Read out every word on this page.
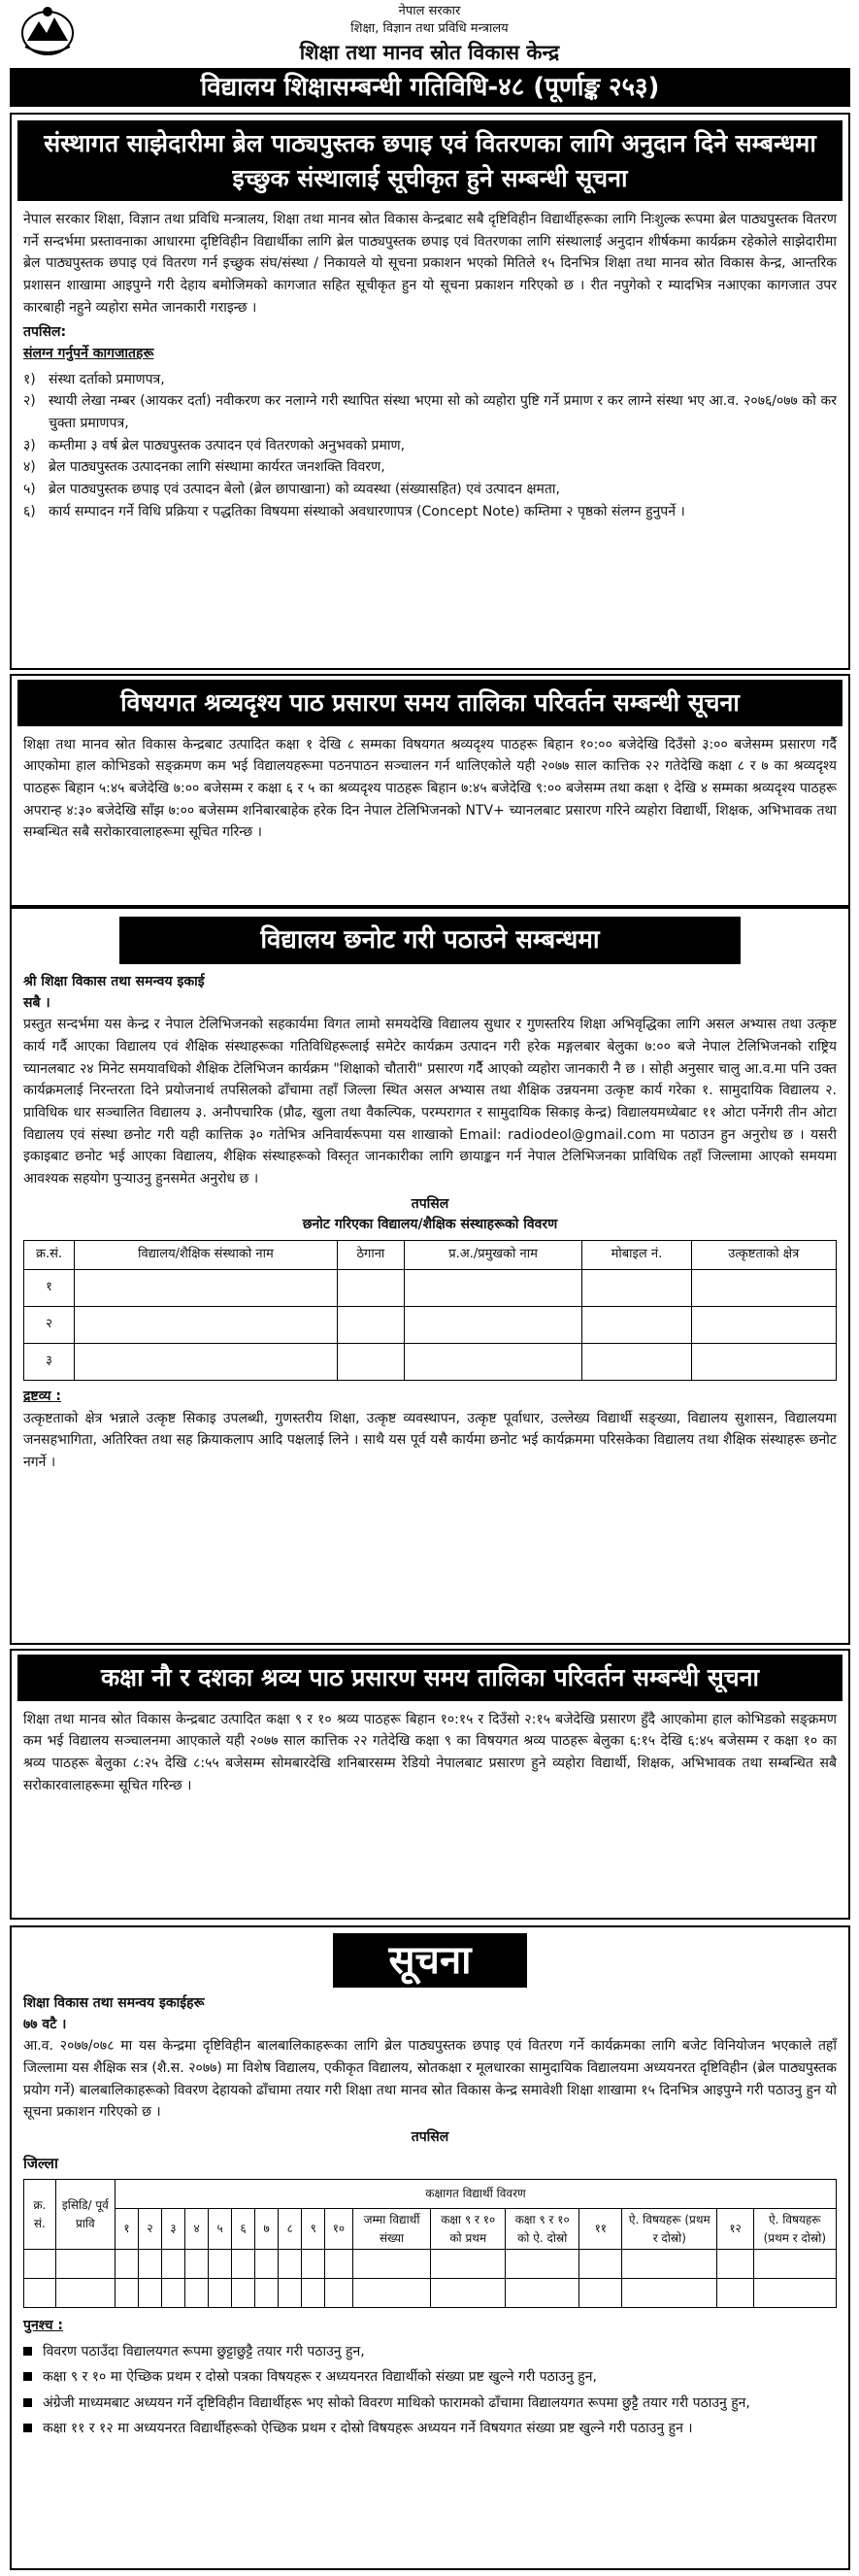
नेपाल सरकार
शिक्षा, विज्ञान तथा प्रविधि मन्त्रालय
शिक्षा तथा मानव स्रोत विकास केन्द्र
विद्यालय शिक्षासम्बन्धी गतिविधि-४८ (पूर्णाङ्क २५३)
संस्थागत साझेदारीमा ब्रेल पाठ्यपुस्तक छपाइ एवं वितरणका लागि अनुदान दिने सम्बन्धमा इच्छुक संस्थालाई सूचीकृत हुने सम्बन्धी सूचना

नेपाल सरकार शिक्षा, विज्ञान तथा प्रविधि मन्त्रालय, शिक्षा तथा मानव स्रोत विकास केन्द्रबाट सबै दृष्टिविहीन विद्यार्थीहरूका लागि निःशुल्क रूपमा ब्रेल पाठ्यपुस्तक वितरण गर्ने सन्दर्भमा प्रस्तावनाका आधारमा दृष्टिविहीन विद्यार्थीका लागि ब्रेल पाठ्यपुस्तक छपाइ एवं वितरणका लागि संस्थालाई अनुदान शीर्षकमा कार्यक्रम रहेकोले साझेदारीमा ब्रेल पाठ्यपुस्तक छपाइ एवं वितरण गर्न इच्छुक संघ/संस्था / निकायले यो सूचना प्रकाशन भएको मितिले १५ दिनभित्र शिक्षा तथा मानव स्रोत विकास केन्द्र, आन्तरिक प्रशासन शाखामा आइपुग्ने गरी देहाय बमोजिमको कागजात सहित सूचीकृत हुन यो सूचना प्रकाशन गरिएको छ । रीत नपुगेको र म्यादभित्र नआएका कागजात उपर कारबाही नहुने व्यहोरा समेत जानकारी गराइन्छ ।

तपसिल:
संलग्न गर्नुपर्ने कागजातहरू
१) संस्था दर्ताको प्रमाणपत्र,
२) स्थायी लेखा नम्बर (आयकर दर्ता) नवीकरण कर नलाग्ने गरी स्थापित संस्था भएमा सो को व्यहोरा पुष्टि गर्ने प्रमाण र कर लाग्ने संस्था भए आ.व. २०७६/०७७ को कर चुक्ता प्रमाणपत्र,
३) कम्तीमा ३ वर्ष ब्रेल पाठ्यपुस्तक उत्पादन एवं वितरणको अनुभवको प्रमाण,
४) ब्रेल पाठ्यपुस्तक उत्पादनका लागि संस्थामा कार्यरत जनशक्ति विवरण,
५) ब्रेल पाठ्यपुस्तक छपाइ एवं उत्पादन बेलो (ब्रेल छापाखाना) को व्यवस्था (संख्यासहित) एवं उत्पादन क्षमता,
६) कार्य सम्पादन गर्ने विधि प्रक्रिया र पद्धतिका विषयमा संस्थाको अवधारणापत्र (Concept Note) कम्तिमा २ पृष्ठको संलग्न हुनुपर्ने ।
विषयगत श्रव्यदृश्य पाठ प्रसारण समय तालिका परिवर्तन सम्बन्धी सूचना

शिक्षा तथा मानव स्रोत विकास केन्द्रबाट उत्पादित कक्षा १ देखि ८ सम्मका विषयगत श्रव्यदृश्य पाठहरू बिहान १०:०० बजेदेखि दिउँसो ३:०० बजेसम्म प्रसारण गर्दैै आएकोमा हाल कोभिडको सङ्क्रमण कम भई विद्यालयहरूमा पठनपाठन सञ्चालन गर्न थालिएकोले यही २०७७ साल कात्तिक २२ गतेदेखि कक्षा ८ र ७ का श्रव्यदृश्य पाठहरू बिहान ५:४५ बजेदेखि ७:०० बजेसम्म र कक्षा ६ र ५ का श्रव्यदृश्य पाठहरू बिहान ७:४५ बजेदेखि ९:०० बजेसम्म तथा कक्षा १ देखि ४ सम्मका श्रव्यदृश्य पाठहरू अपरान्ह ४:३० बजेदेखि साँझ ७:०० बजेसम्म शनिबारबाहेक हरेक दिन नेपाल टेलिभिजनको NTV+ च्यानलबाट प्रसारण गरिने व्यहोरा विद्यार्थी, शिक्षक, अभिभावक तथा सम्बन्धित सबै सरोकारवालाहरूमा सूचित गरिन्छ ।

विद्यालय छनोट गरी पठाउने सम्बन्धमा
श्री शिक्षा विकास तथा समन्वय इकाई
सबै ।

प्रस्तुत सन्दर्भमा यस केन्द्र र नेपाल टेलिभिजनको सहकार्यमा विगत लामो समयदेखि विद्यालय सुधार र गुणस्तरिय शिक्षा अभिवृद्धिका लागि असल अभ्यास तथा उत्कृष्ट कार्य गर्दै आएका विद्यालय एवं शैक्षिक संस्थाहरूका गतिविधिहरूलाई समेटेर कार्यक्रम उत्पादन गरी हरेक मङ्गलबार बेलुका ७:०० बजे नेपाल टेलिभिजनको राष्ट्रिय च्यानलबाट २४ मिनेट समयावधिको शैक्षिक टेलिभिजन कार्यक्रम "शिक्षाको चौतारी" प्रसारण गर्दैै आएको व्यहोरा जानकारी नै छ । सोही अनुसार चालु आ.व.मा पनि उक्त कार्यक्रमलाई निरन्तरता दिने प्रयोजनार्थ तपसिलको ढाँचामा तहाँ जिल्ला स्थित असल अभ्यास तथा शैक्षिक उन्नयनमा उत्कृष्ट कार्य गरेका १. सामुदायिक विद्यालय २. प्राविधिक धार सञ्चालित विद्यालय ३. अनौपचारिक (प्रौढ, खुला तथा वैकल्पिक, परम्परागत र सामुदायिक सिकाइ केन्द्र) विद्यालयमध्येबाट ११ ओटा पर्नेगरी तीन ओटा विद्यालय एवं संस्था छनोट गरी यही कात्तिक ३० गतेभित्र अनिवार्यरूपमा यस शाखाको Email: radiodeol@gmail.com मा पठाउन हुन अनुरोध छ । यसरी इकाइबाट छनोट भई आएका विद्यालय, शैक्षिक संस्थाहरूको विस्तृत जानकारीका लागि छायाङ्कन गर्न नेपाल टेलिभिजनका प्राविधिक तहाँ जिल्लामा आएको समयमा आवश्यक सहयोग पुऱ्याउनु हुनसमेत अनुरोध छ ।

तपसिल
छनोट गरिएका विद्यालय/शैक्षिक संस्थाहरूको विवरण
क्र.सं.	विद्यालय/शैक्षिक संस्थाको नाम	ठेगाना	प्र.अ./प्रमुखको नाम	मोबाइल नं.	उत्कृष्टताको क्षेत्र
१					
२					
३					
द्रष्टव्य :

उत्कृष्टताको क्षेत्र भन्नाले उत्कृष्ट सिकाइ उपलब्धी, गुणस्तरीय शिक्षा, उत्कृष्ट व्यवस्थापन, उत्कृष्ट पूर्वाधार, उल्लेख्य विद्यार्थी सङ्ख्या, विद्यालय सुशासन, विद्यालयमा जनसहभागिता, अतिरिक्त तथा सह क्रियाकलाप आदि पक्षलाई लिने । साथै यस पूर्व यसै कार्यमा छनोट भई कार्यक्रममा परिसकेका विद्यालय तथा शैक्षिक संस्थाहरू छनोट नगर्ने ।

कक्षा नौ र दशका श्रव्य पाठ प्रसारण समय तालिका परिवर्तन सम्बन्धी सूचना

शिक्षा तथा मानव स्रोत विकास केन्द्रबाट उत्पादित कक्षा ९ र १० श्रव्य पाठहरू बिहान १०:१५ र दिउँसो २:१५ बजेदेखि प्रसारण हुँदै आएकोमा हाल कोभिडको सङ्क्रमण कम भई विद्यालय सञ्चालनमा आएकाले यही २०७७ साल कात्तिक २२ गतेदेखि कक्षा ९ का विषयगत श्रव्य पाठहरू बेलुका ६:१५ देखि ६:४५ बजेसम्म र कक्षा १० का श्रव्य पाठहरू बेलुका ८:२५ देखि ८:५५ बजेसम्म सोमबारदेखि शनिबारसम्म रेडियो नेपालबाट प्रसारण हुने व्यहोरा विद्यार्थी, शिक्षक, अभिभावक तथा सम्बन्धित सबै सरोकारवालाहरूमा सूचित गरिन्छ ।

सूचना
शिक्षा विकास तथा समन्वय इकाईहरू
७७ वटै ।

आ.व. २०७७/०७८ मा यस केन्द्रमा दृष्टिविहीन बालबालिकाहरूका लागि ब्रेल पाठ्यपुस्तक छपाइ एवं वितरण गर्ने कार्यक्रमका लागि बजेट विनियोजन भएकाले तहाँ जिल्लामा यस शैक्षिक सत्र (शै.स. २०७७) मा विशेष विद्यालय, एकीकृत विद्यालय, स्रोतकक्षा र मूलधारका सामुदायिक विद्यालयमा अध्ययनरत दृष्टिविहीन (ब्रेल पाठ्यपुस्तक प्रयोग गर्ने) बालबालिकाहरूको विवरण देहायको ढाँचामा तयार गरी शिक्षा तथा मानव स्रोत विकास केन्द्र समावेशी शिक्षा शाखामा १५ दिनभित्र आइपुग्ने गरी पठाउनु हुन यो सूचना प्रकाशन गरिएको छ ।

तपसिल
जिल्ला
क्र. सं.	इसिडि/ पूर्व प्रावि	कक्षागत विद्यार्थी विवरण																
		१	२	३	४	५	६	७	८	९	१०	जम्मा विद्यार्थी संख्या	कक्षा ९ र १० को प्रथम	कक्षा ९ र १० को ऐ. दोस्रो	११	ऐ. विषयहरू (प्रथम र दोस्रो)	१२	ऐ. विषयहरू (प्रथम र दोस्रो)

पुनश्च :
विवरण पठाउँदा विद्यालयगत रूपमा छुट्टाछुट्टै तयार गरी पठाउनु हुन,
कक्षा ९ र १० मा ऐच्छिक प्रथम र दोस्रो पत्रका विषयहरू र अध्ययनरत विद्यार्थीको संख्या प्रष्ट खुल्ने गरी पठाउनु हुन,
अंग्रेजी माध्यमबाट अध्ययन गर्ने दृष्टिविहीन विद्यार्थीहरू भए सोको विवरण माथिको फारामको ढाँचामा विद्यालयगत रूपमा छुट्टै तयार गरी पठाउनु हुन,
कक्षा ११ र १२ मा अध्ययनरत विद्यार्थीहरूको ऐच्छिक प्रथम र दोस्रो विषयहरू अध्ययन गर्ने विषयगत संख्या प्रष्ट खुल्ने गरी पठाउनु हुन ।
